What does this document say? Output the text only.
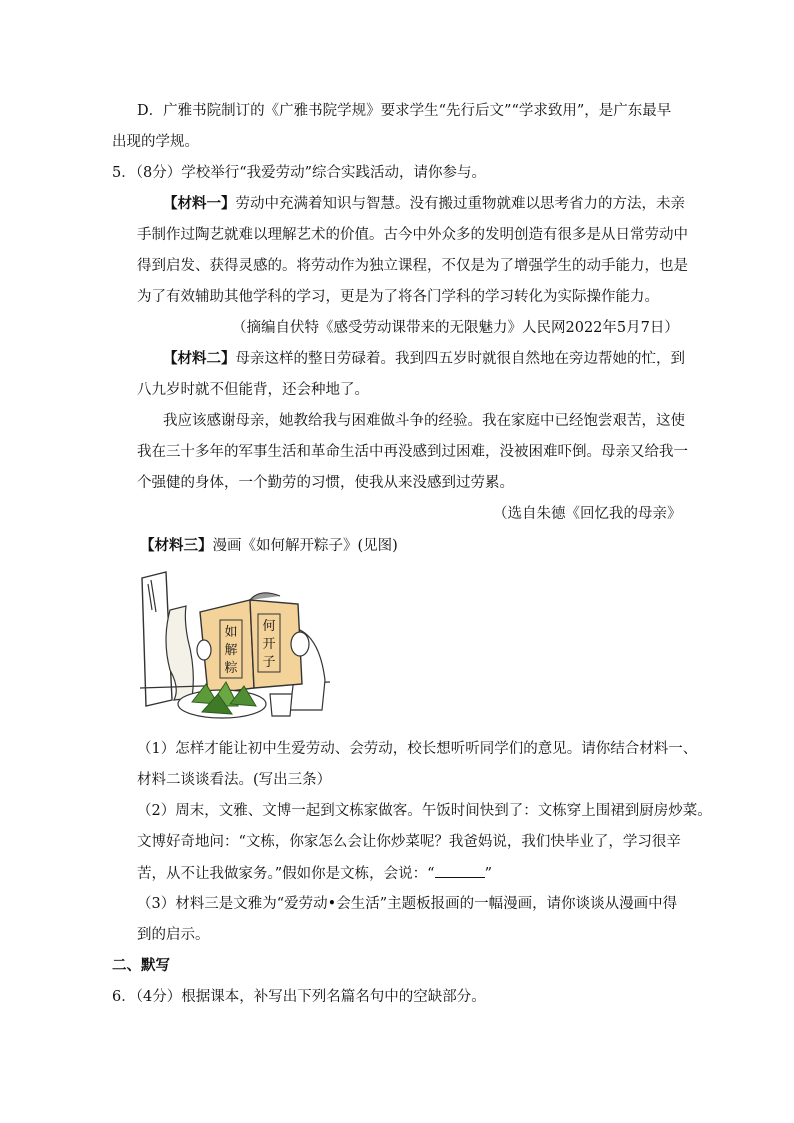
D．广雅书院制订的《广雅书院学规》要求学生“先行后文”“学求致用”，是广东最早
出现的学规。
5．（8分）学校举行“我爱劳动”综合实践活动，请你参与。
【材料一】劳动中充满着知识与智慧。没有搬过重物就难以思考省力的方法，未亲
手制作过陶艺就难以理解艺术的价值。古今中外众多的发明创造有很多是从日常劳动中
得到启发、获得灵感的。将劳动作为独立课程，不仅是为了增强学生的动手能力，也是
为了有效辅助其他学科的学习，更是为了将各门学科的学习转化为实际操作能力。
（摘编自伏特《感受劳动课带来的无限魅力》人民网2022年5月7日）
【材料二】母亲这样的整日劳碌着。我到四五岁时就很自然地在旁边帮她的忙，到
八九岁时就不但能背，还会种地了。
我应该感谢母亲，她教给我与困难做斗争的经验。我在家庭中已经饱尝艰苦，这使
我在三十多年的军事生活和革命生活中再没感到过困难，没被困难吓倒。母亲又给我一
个强健的身体，一个勤劳的习惯，使我从来没感到过劳累。
（选自朱德《回忆我的母亲》
【材料三】漫画《如何解开粽子》(见图)
如
解
粽
何
开
子
（1）怎样才能让初中生爱劳动、会劳动，校长想听听同学们的意见。请你结合材料一、
材料二谈谈看法。(写出三条）
（2）周末，文雅、文博一起到文栋家做客。午饭时间快到了：文栋穿上围裙到厨房炒菜。
文博好奇地问：“文栋，你家怎么会让你炒菜呢？我爸妈说，我们快毕业了，学习很辛
苦，从不让我做家务。”假如你是文栋，会说：“	”
（3）材料三是文雅为“爱劳动•会生活”主题板报画的一幅漫画，请你谈谈从漫画中得
到的启示。
二、默写
6．（4分）根据课本，补写出下列名篇名句中的空缺部分。
